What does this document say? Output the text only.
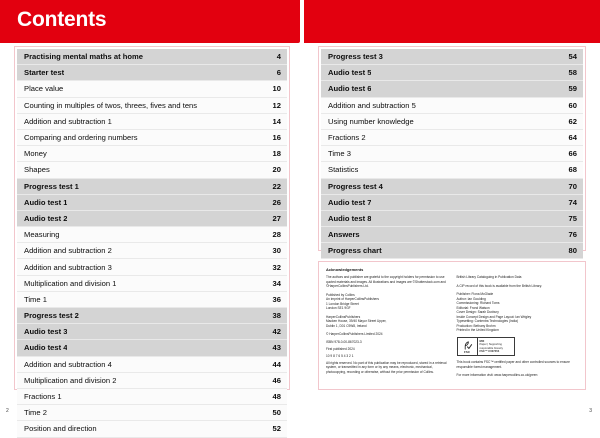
Contents
Practising mental maths at home	4
Starter test	6
Place value	10
Counting in multiples of twos, threes, fives and tens	12
Addition and subtraction 1	14
Comparing and ordering numbers	16
Money	18
Shapes	20
Progress test 1	22
Audio test 1	26
Audio test 2	27
Measuring	28
Addition and subtraction 2	30
Addition and subtraction 3	32
Multiplication and division 1	34
Time 1	36
Progress test 2	38
Audio test 3	42
Audio test 4	43
Addition and subtraction 4	44
Multiplication and division 2	46
Fractions 1	48
Time 2	50
Position and direction	52
2
Progress test 3	54
Audio test 5	58
Audio test 6	59
Addition and subtraction 5	60
Using number knowledge	62
Fractions 2	64
Time 3	66
Statistics	68
Progress test 4	70
Audio test 7	74
Audio test 8	75
Answers	76
Progress chart	80
Acknowledgements

The authors and publisher are grateful to the copyright holders for permission to use quoted materials and images. All illustrations and images are ©Shutterstock.com and ©HarperCollinsPublishers Ltd.

Published by Collins
An imprint of HarperCollinsPublishers
1 London Bridge Street
London SE1 9GF

HarperCollinsPublishers
Macken House, 39/40 Mayor Street Upper,
Dublin 1, D01 C9W8, Ireland

© HarperCollinsPublishers Limited 2024

ISBN 978-0-00-867023-3

First published 2024

10 9 8 7 6 5 4 3 2 1

All rights reserved. No part of this publication may be reproduced, stored in a retrieval system, or transmitted in any form or by any means, electronic, mechanical, photocopying, recording or otherwise, without the prior permission of Collins.

British Library Cataloguing in Publication Data

A CIP record of this book is available from the British Library.

Publisher: Fiona McGlade
Author: Ian Goulding
Commissioning: Richard Toms
Editorial: Frond Watson
Cover Design: Sarah Duxbury
Inside Concept Design and Page Layout: Ian Wrigley
Typesetting: Contentra Technologies (India)
Production: Bethany Brohm
Printed in the United Kingdom

FSC
MIX
Paper | Supporting
responsible forestry
FSC™ C007454

This book contains FSC™ certified paper and other controlled sources to ensure responsible forest management.

For more information visit: www.harpercollins.co.uk/green

3
